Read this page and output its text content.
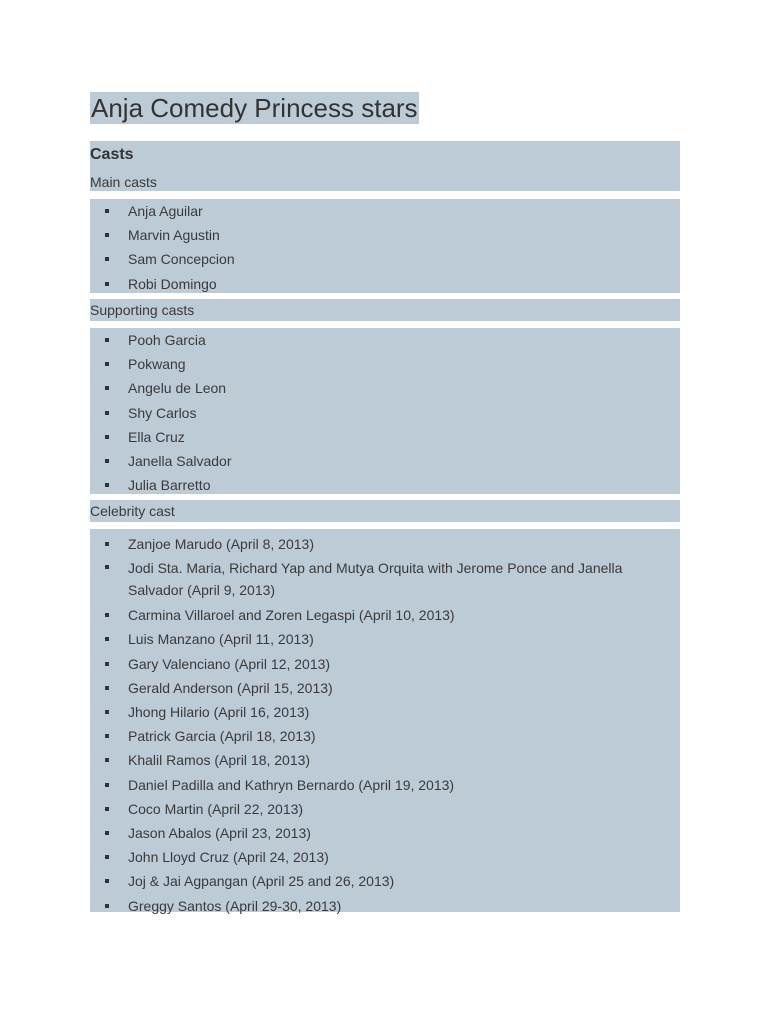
Anja Comedy Princess stars
Casts
Main casts
Anja Aguilar
Marvin Agustin
Sam Concepcion
Robi Domingo
Supporting casts
Pooh Garcia
Pokwang
Angelu de Leon
Shy Carlos
Ella Cruz
Janella Salvador
Julia Barretto
Celebrity cast
Zanjoe Marudo (April 8, 2013)
Jodi Sta. Maria, Richard Yap and Mutya Orquita with Jerome Ponce and Janella Salvador (April 9, 2013)
Carmina Villaroel and Zoren Legaspi (April 10, 2013)
Luis Manzano (April 11, 2013)
Gary Valenciano (April 12, 2013)
Gerald Anderson (April 15, 2013)
Jhong Hilario (April 16, 2013)
Patrick Garcia (April 18, 2013)
Khalil Ramos (April 18, 2013)
Daniel Padilla and Kathryn Bernardo (April 19, 2013)
Coco Martin (April 22, 2013)
Jason Abalos (April 23, 2013)
John Lloyd Cruz (April 24, 2013)
Joj & Jai Agpangan (April 25 and 26, 2013)
Greggy Santos (April 29-30, 2013)
